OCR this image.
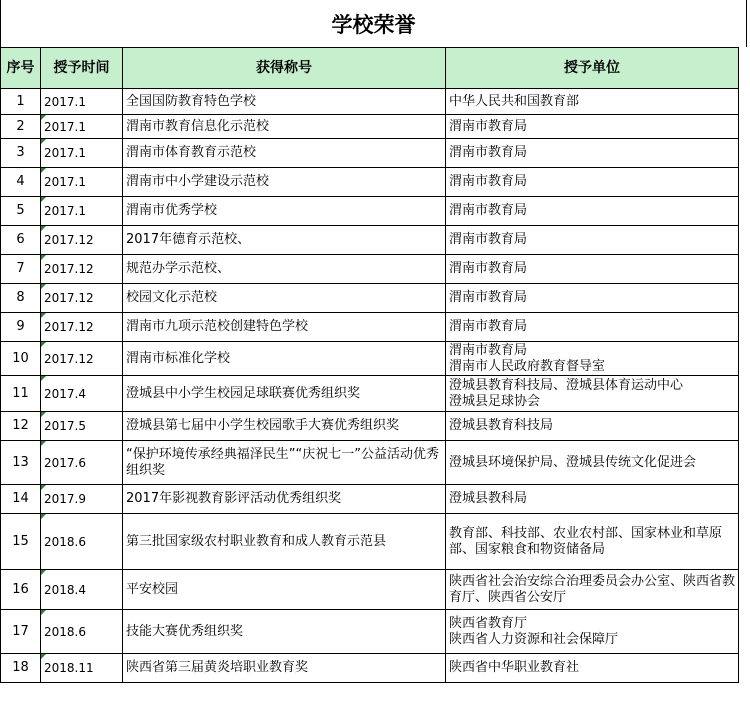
学校荣誉
序号	授予时间	获得称号	授予单位
1	2017.1	全国国防教育特色学校	中华人民共和国教育部
2	2017.1	渭南市教育信息化示范校	渭南市教育局
3	2017.1	渭南市体育教育示范校	渭南市教育局
4	2017.1	渭南市中小学建设示范校	渭南市教育局
5	2017.1	渭南市优秀学校	渭南市教育局
6	2017.12	2017年德育示范校、	渭南市教育局
7	2017.12	规范办学示范校、	渭南市教育局
8	2017.12	校园文化示范校	渭南市教育局
9	2017.12	渭南市九项示范校创建特色学校	渭南市教育局
10	2017.12	渭南市标准化学校	渭南市教育局
渭南市人民政府教育督导室
11	2017.4	澄城县中小学生校园足球联赛优秀组织奖	澄城县教育科技局、澄城县体育运动中心
澄城县足球协会
12	2017.5	澄城县第七届中小学生校园歌手大赛优秀组织奖	澄城县教育科技局
13	2017.6	“保护环境传承经典福泽民生”“庆祝七一”公益活动优秀组织奖	澄城县环境保护局、澄城县传统文化促进会
14	2017.9	2017年影视教育影评活动优秀组织奖	澄城县教科局
15	2018.6	第三批国家级农村职业教育和成人教育示范县	教育部、科技部、农业农村部、国家林业和草原部、国家粮食和物资储备局
16	2018.4	平安校园	陕西省社会治安综合治理委员会办公室、陕西省教育厅、陕西省公安厅
17	2018.6	技能大赛优秀组织奖	陕西省教育厅
陕西省人力资源和社会保障厅
18	2018.11	陕西省第三届黄炎培职业教育奖	陕西省中华职业教育社
